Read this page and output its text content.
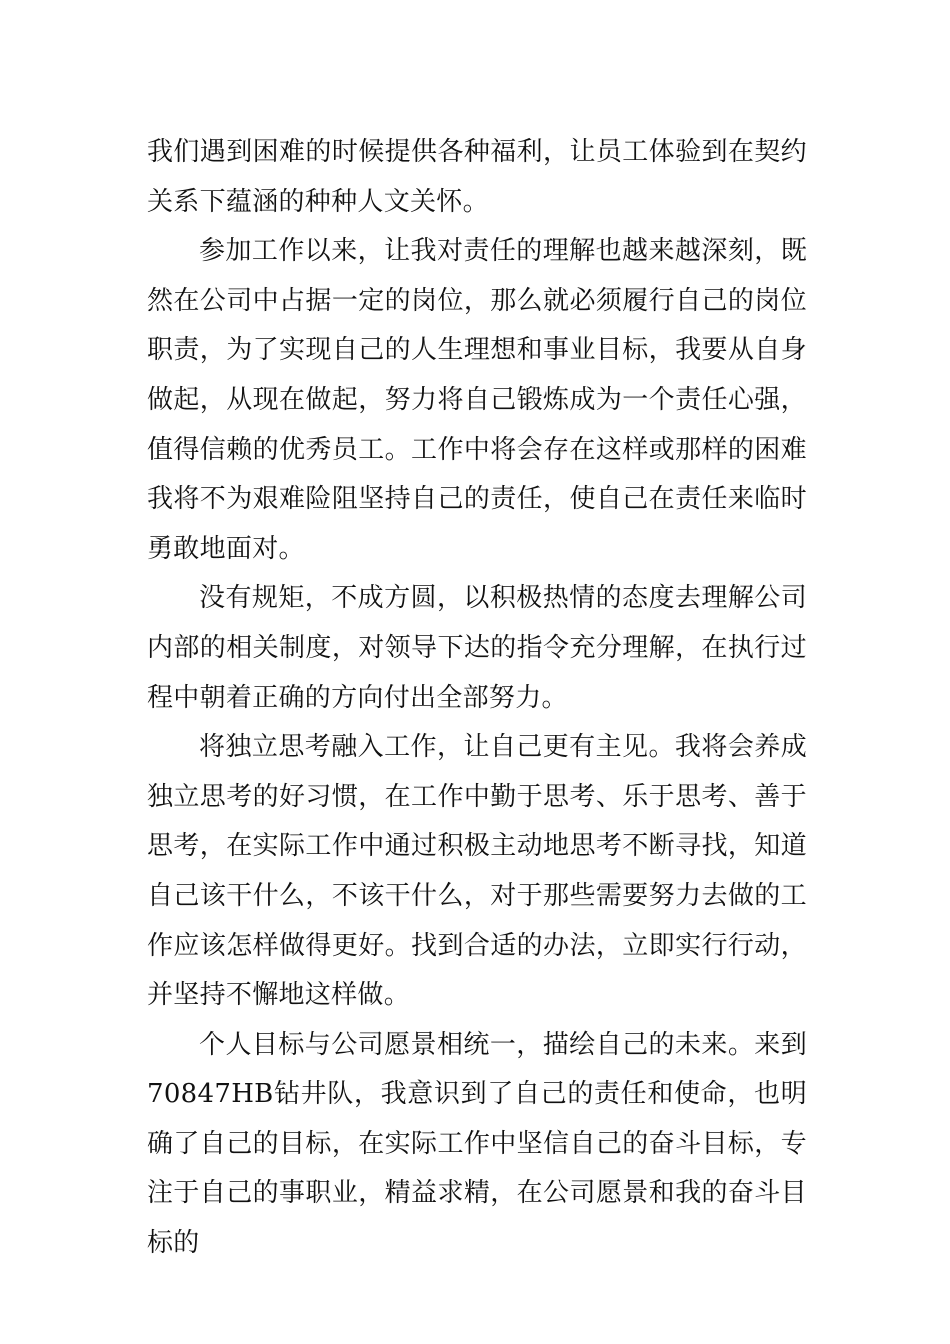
我们遇到困难的时候提供各种福利，让员工体验到在契约关系下蕴涵的种种人文关怀。

参加工作以来，让我对责任的理解也越来越深刻，既然在公司中占据一定的岗位，那么就必须履行自己的岗位职责，为了实现自己的人生理想和事业目标，我要从自身做起，从现在做起，努力将自己锻炼成为一个责任心强，值得信赖的优秀员工。工作中将会存在这样或那样的困难我将不为艰难险阻坚持自己的责任，使自己在责任来临时勇敢地面对。

没有规矩，不成方圆，以积极热情的态度去理解公司内部的相关制度，对领导下达的指令充分理解，在执行过程中朝着正确的方向付出全部努力。

将独立思考融入工作，让自己更有主见。我将会养成独立思考的好习惯，在工作中勤于思考、乐于思考、善于思考，在实际工作中通过积极主动地思考不断寻找，知道自己该干什么，不该干什么，对于那些需要努力去做的工作应该怎样做得更好。找到合适的办法，立即实行行动，并坚持不懈地这样做。

个人目标与公司愿景相统一，描绘自己的未来。来到70847HB钻井队，我意识到了自己的责任和使命，也明确了自己的目标，在实际工作中坚信自己的奋斗目标，专注于自己的事职业，精益求精，在公司愿景和我的奋斗目标的
